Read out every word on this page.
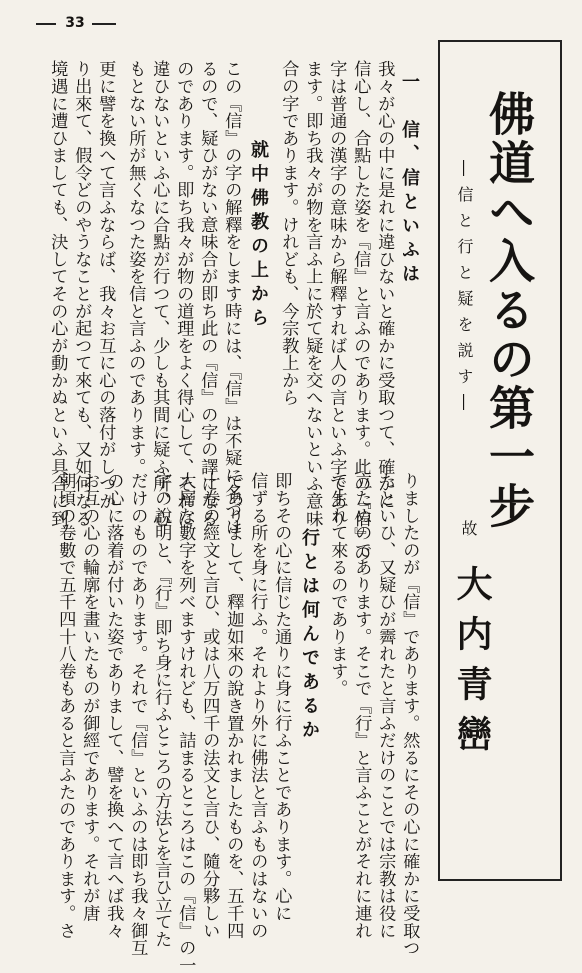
33
佛道へ入るの第一步
―信と行と疑を説す―
故
大内青巒
一　信、信といふは
我々が心の中に是れに違ひないと確かに受取つて、確かに
信心し、合點した姿を『信』と言ふのであります。此の『信』の
字は普通の漢字の意味から解釋すれば人の言といふ字であり
ます。即ち我々が物を言ふ上に於て疑を交へないといふ意味
合の字であります。けれども、今宗教上から
就中佛教の上から
この『信』の字の解釋をします時には、『信』は不疑に名づけ
るので、疑ひがない意味合が即ち此の『信』の字の譯になる
のであります。即ち我々が物の道理をよく得心して、それに
違ひないといふ心に合點が行つて、少しも其間に疑ふ所、心
もとない所が無くなつた姿を信と言ふのであります。
更に譬を換へて言ふならば、我々お互に心の落付がしつか
り出來て、假令どのやうなことが起つて來ても、又如何なる
境遇に遭ひましても、決してその心が動かぬといふ具合に到
りましたのが『信』であります。然るにその心に確かに受取つ
たといひ、又疑ひが霽れたと言ふだけのことでは宗教は役に
立たぬのであります。そこで『行』と言ふことがそれに連れ
て生れて來るのであります。
行とは何んであるか
即ちその心に信じた通りに身に行ふことであります。心に
信ずる所を身に行ふ。それより外に佛法と言ふものはないの
でありまして、釋迦如來の說き置かれましたものを、五千四
十卷の經文と言ひ、或は八万四千の法文と言ひ、隨分夥しい
大層な數字を列べますけれども、詰まるところはこの『信』の一
字の說明と、『行』即ち身に行ふところの方法とを言ひ立てた
だけのものであります。それで『信』といふのは即ち我々御互
の心に落着が付いた姿でありまして、譬を換へて言へば我々
お互の心の輪廓を畫いたものが御經であります。それが唐
朝頃の卷數で五千四十八卷もあると言ふたのであります。さ
